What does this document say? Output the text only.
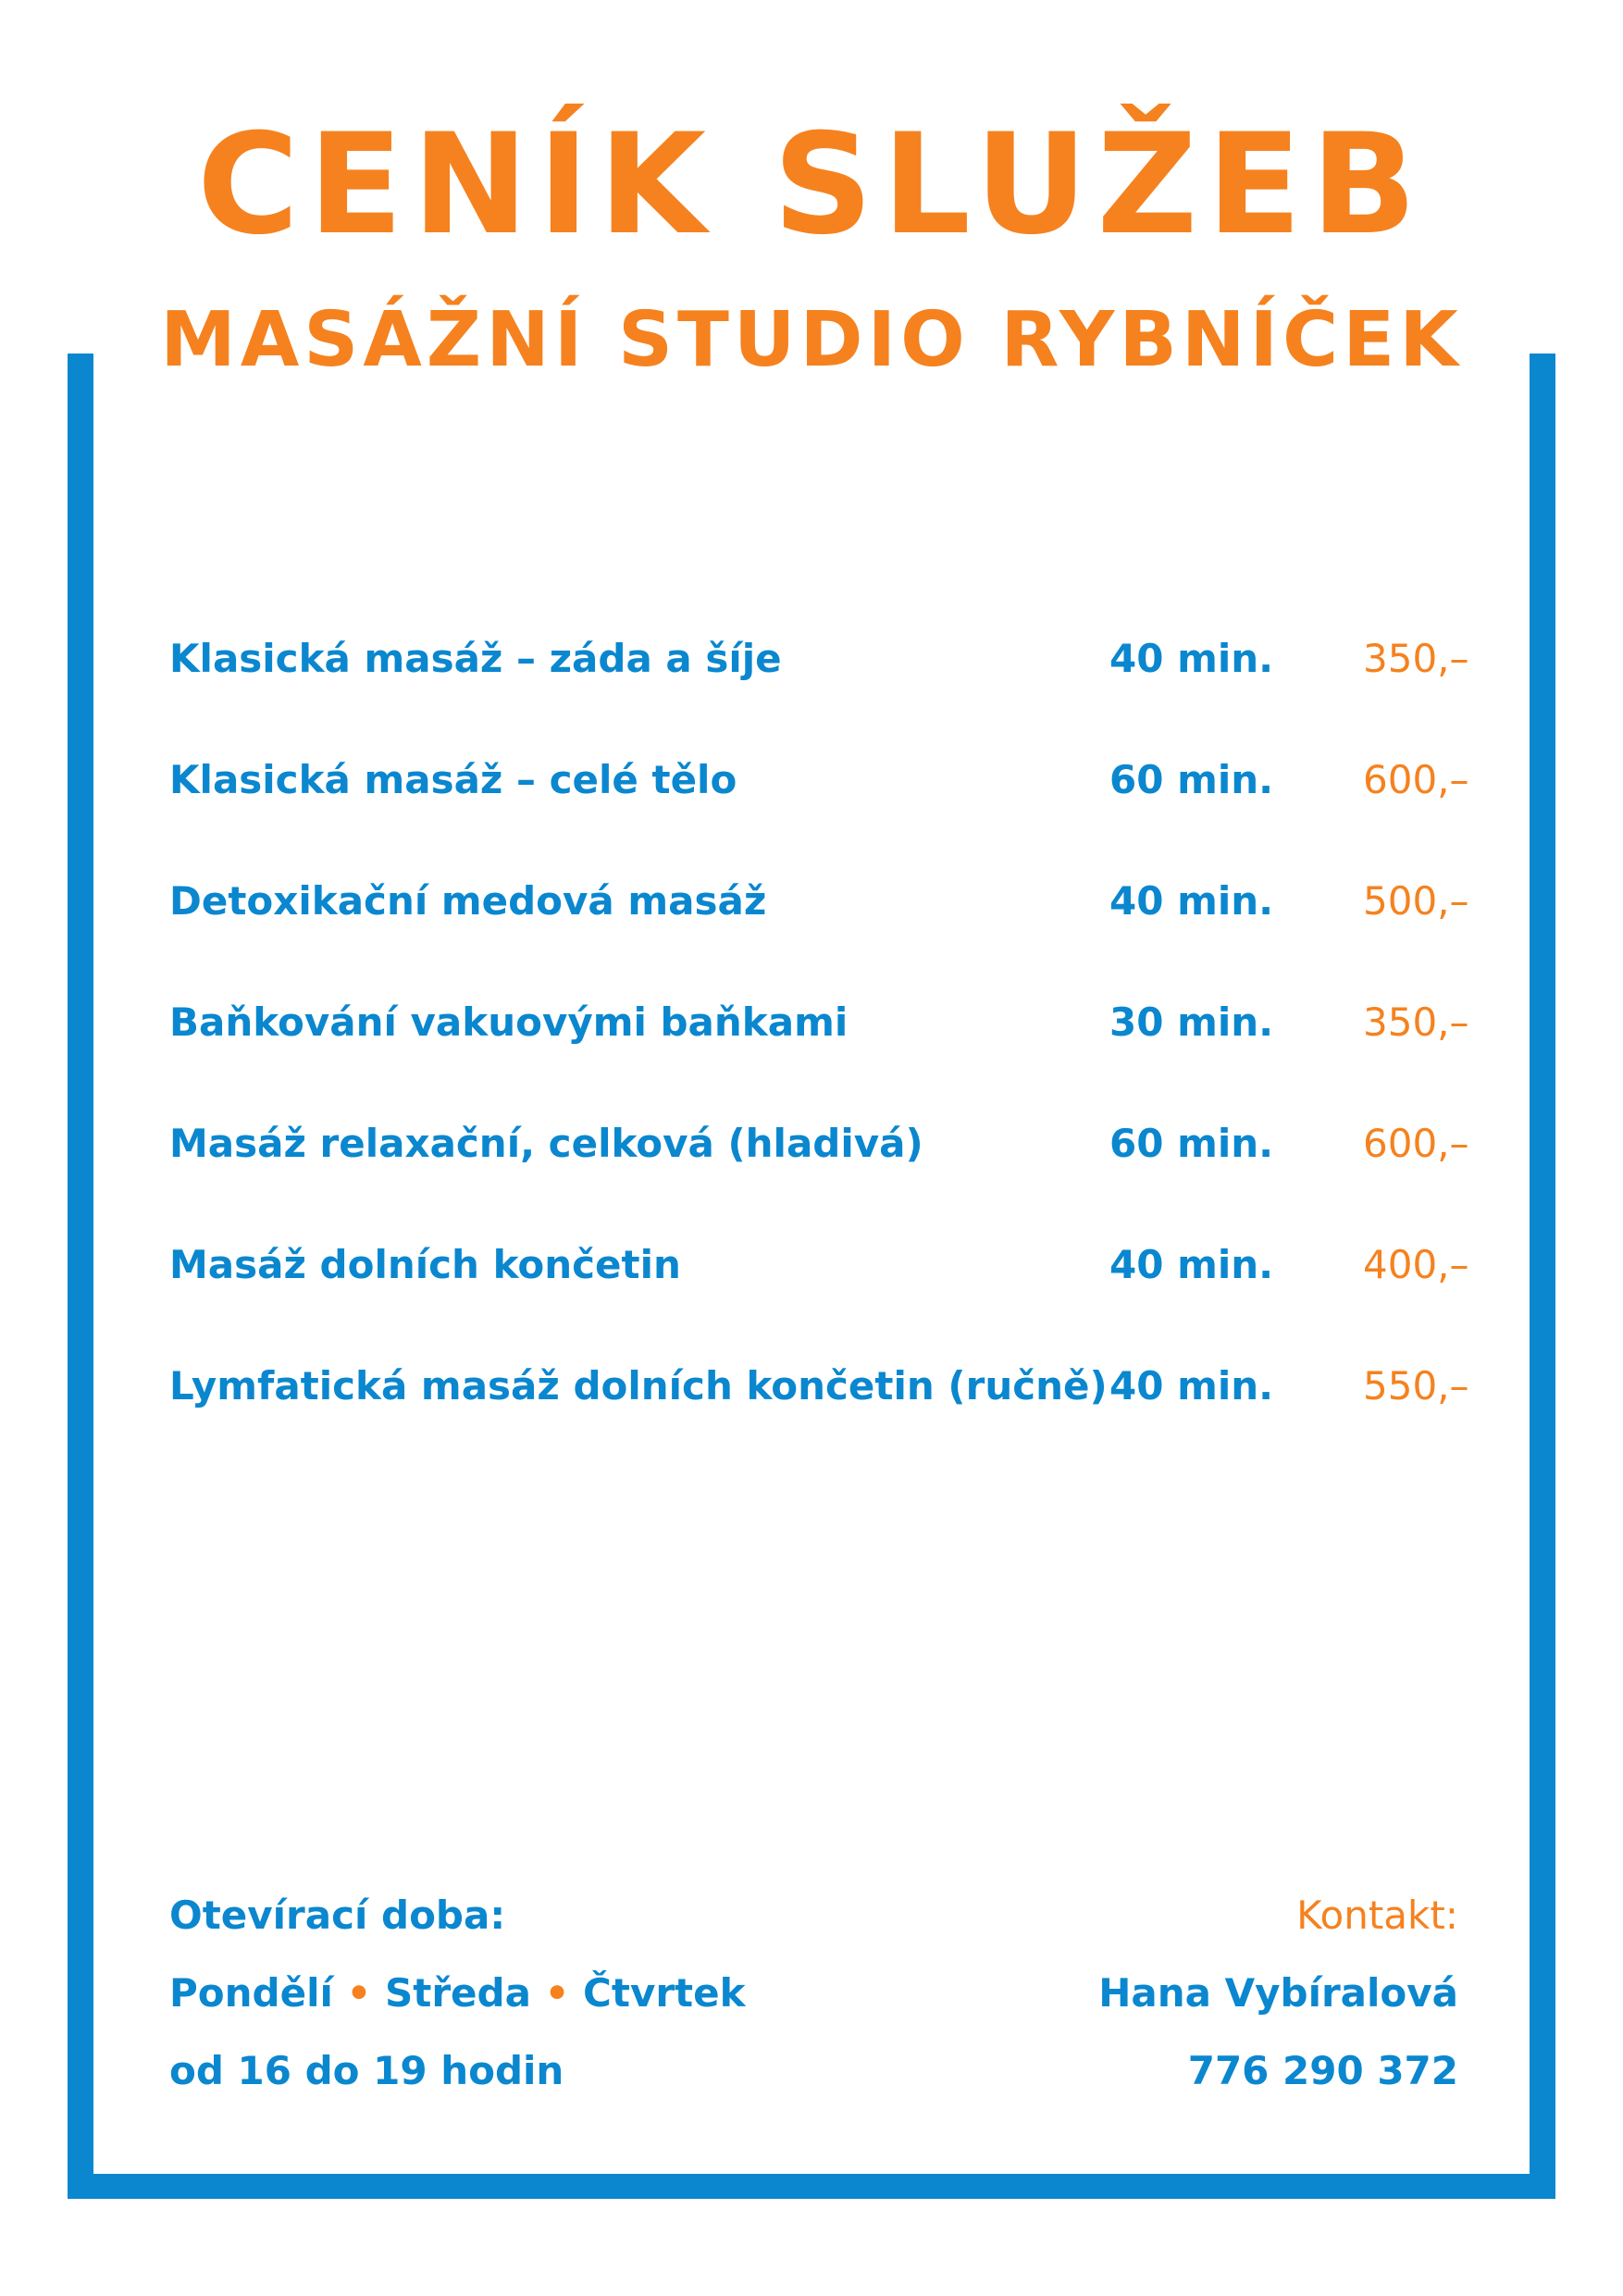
CENÍK SLUŽEB
MASÁŽNÍ STUDIO RYBNÍČEK
Klasická masáž – záda a šíje	40 min. 350,–
Klasická masáž – celé tělo	60 min. 600,–
Detoxikační medová masáž	40 min. 500,–
Baňkování vakuovými baňkami	30 min. 350,–
Masáž relaxační, celková (hladivá)	60 min. 600,–
Masáž dolních končetin	40 min. 400,–
Lymfatická masáž dolních končetin (ručně) 40 min. 550,–
Otevírací doba:
Pondělí • Středa • Čtvrtek
od 16 do 19 hodin
Kontakt:
Hana Vybíralová
776 290 372
